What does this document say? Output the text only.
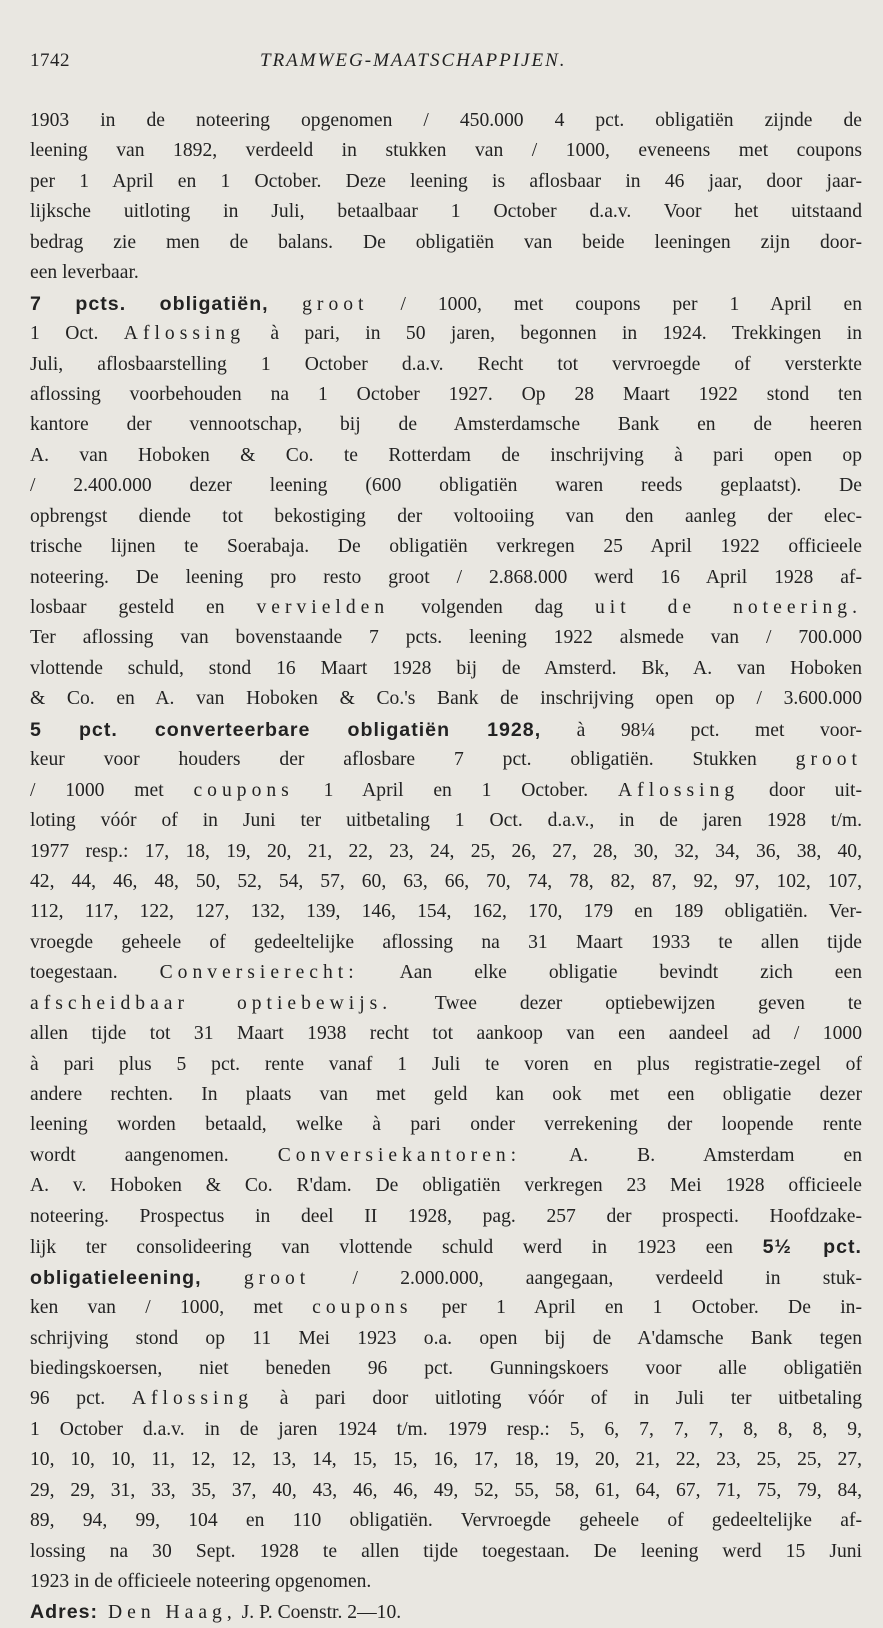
1742	TRAMWEG-MAATSCHAPPIJEN.
1903 in de noteering opgenomen / 450.000 4 pct. obligatiën zijnde de
leening van 1892, verdeeld in stukken van / 1000, eveneens met coupons
per 1 April en 1 October. Deze leening is aflosbaar in 46 jaar, door jaar-
lijksche uitloting in Juli, betaalbaar 1 October d.a.v. Voor het uitstaand
bedrag zie men de balans. De obligatiën van beide leeningen zijn door-
een leverbaar.
7 pcts. obligatiën, groot / 1000, met coupons per 1 April en
1 Oct. Aflossing à pari, in 50 jaren, begonnen in 1924. Trekkingen in
Juli, aflosbaarstelling 1 October d.a.v. Recht tot vervroegde of versterkte
aflossing voorbehouden na 1 October 1927. Op 28 Maart 1922 stond ten
kantore der vennootschap, bij de Amsterdamsche Bank en de heeren
A. van Hoboken & Co. te Rotterdam de inschrijving à pari open op
/ 2.400.000 dezer leening (600 obligatiën waren reeds geplaatst). De
opbrengst diende tot bekostiging der voltooiing van den aanleg der elec-
trische lijnen te Soerabaja. De obligatiën verkregen 25 April 1922 officieele
noteering. De leening pro resto groot / 2.868.000 werd 16 April 1928 af-
losbaar gesteld en vervielden volgenden dag uit de noteering.
Ter aflossing van bovenstaande 7 pcts. leening 1922 alsmede van / 700.000
vlottende schuld, stond 16 Maart 1928 bij de Amsterd. Bk, A. van Hoboken
& Co. en A. van Hoboken & Co.'s Bank de inschrijving open op / 3.600.000
5 pct. converteerbare obligatiën 1928, à 98¼ pct. met voor-
keur voor houders der aflosbare 7 pct. obligatiën. Stukken groot
/ 1000 met coupons 1 April en 1 October. Aflossing door uit-
loting vóór of in Juni ter uitbetaling 1 Oct. d.a.v., in de jaren 1928 t/m.
1977 resp.: 17, 18, 19, 20, 21, 22, 23, 24, 25, 26, 27, 28, 30, 32, 34, 36, 38, 40,
42, 44, 46, 48, 50, 52, 54, 57, 60, 63, 66, 70, 74, 78, 82, 87, 92, 97, 102, 107,
112, 117, 122, 127, 132, 139, 146, 154, 162, 170, 179 en 189 obligatiën. Ver-
vroegde geheele of gedeeltelijke aflossing na 31 Maart 1933 te allen tijde
toegestaan. Conversierecht: Aan elke obligatie bevindt zich een
afscheidbaar optiebewijs. Twee dezer optiebewijzen geven te
allen tijde tot 31 Maart 1938 recht tot aankoop van een aandeel ad / 1000
à pari plus 5 pct. rente vanaf 1 Juli te voren en plus registratie-zegel of
andere rechten. In plaats van met geld kan ook met een obligatie dezer
leening worden betaald, welke à pari onder verrekening der loopende rente
wordt aangenomen. Conversiekantoren: A. B. Amsterdam en
A. v. Hoboken & Co. R'dam. De obligatiën verkregen 23 Mei 1928 officieele
noteering. Prospectus in deel II 1928, pag. 257 der prospecti. Hoofdzake-
lijk ter consolideering van vlottende schuld werd in 1923 een 5½ pct.
obligatieleening, groot / 2.000.000, aangegaan, verdeeld in stuk-
ken van / 1000, met coupons per 1 April en 1 October. De in-
schrijving stond op 11 Mei 1923 o.a. open bij de A'damsche Bank tegen
biedingskoersen, niet beneden 96 pct. Gunningskoers voor alle obligatiën
96 pct. Aflossing à pari door uitloting vóór of in Juli ter uitbetaling
1 October d.a.v. in de jaren 1924 t/m. 1979 resp.: 5, 6, 7, 7, 7, 8, 8, 8, 9,
10, 10, 10, 11, 12, 12, 13, 14, 15, 15, 16, 17, 18, 19, 20, 21, 22, 23, 25, 25, 27,
29, 29, 31, 33, 35, 37, 40, 43, 46, 46, 49, 52, 55, 58, 61, 64, 67, 71, 75, 79, 84,
89, 94, 99, 104 en 110 obligatiën. Vervroegde geheele of gedeeltelijke af-
lossing na 30 Sept. 1928 te allen tijde toegestaan. De leening werd 15 Juni
1923 in de officieele noteering opgenomen.
Adres: Den Haag, J. P. Coenstr. 2—10.
